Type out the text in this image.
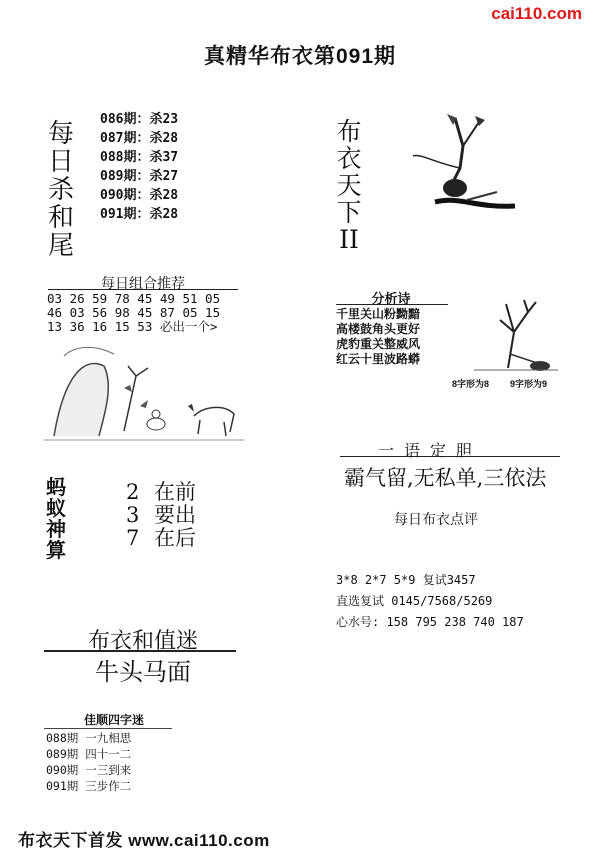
cai110.com
真精华布衣第091期
每
日
杀
和
尾
086期：杀23
087期：杀28
088期：杀37
089期：杀27
090期：杀28
091期：杀28
布
衣
天
下
II
每日组合推荐
03 26 59 78 45 49 51 05
46 03 56 98 45 87 05 15
13 36 16 15 53 必出一个>
分析诗
千里关山粉黝黯
高楼鼓角头更好
虎豹重关整威风
红云十里波路蟒
8字形为8 9字形为9
蚂
蚁
神
算
2 在前
3 要出
7 在后
一语定胆
霸气留,无私单,三依法
每日布衣点评
3*8 2*7 5*9 复试3457
直选复试 0145/7568/5269
心水号: 158 795 238 740 187
布衣和值迷
牛头马面
佳顺四字迷
088期 一九相思
089期 四十一二
090期 一三到来
091期 三步作二
布衣天下首发 www.cai110.com
